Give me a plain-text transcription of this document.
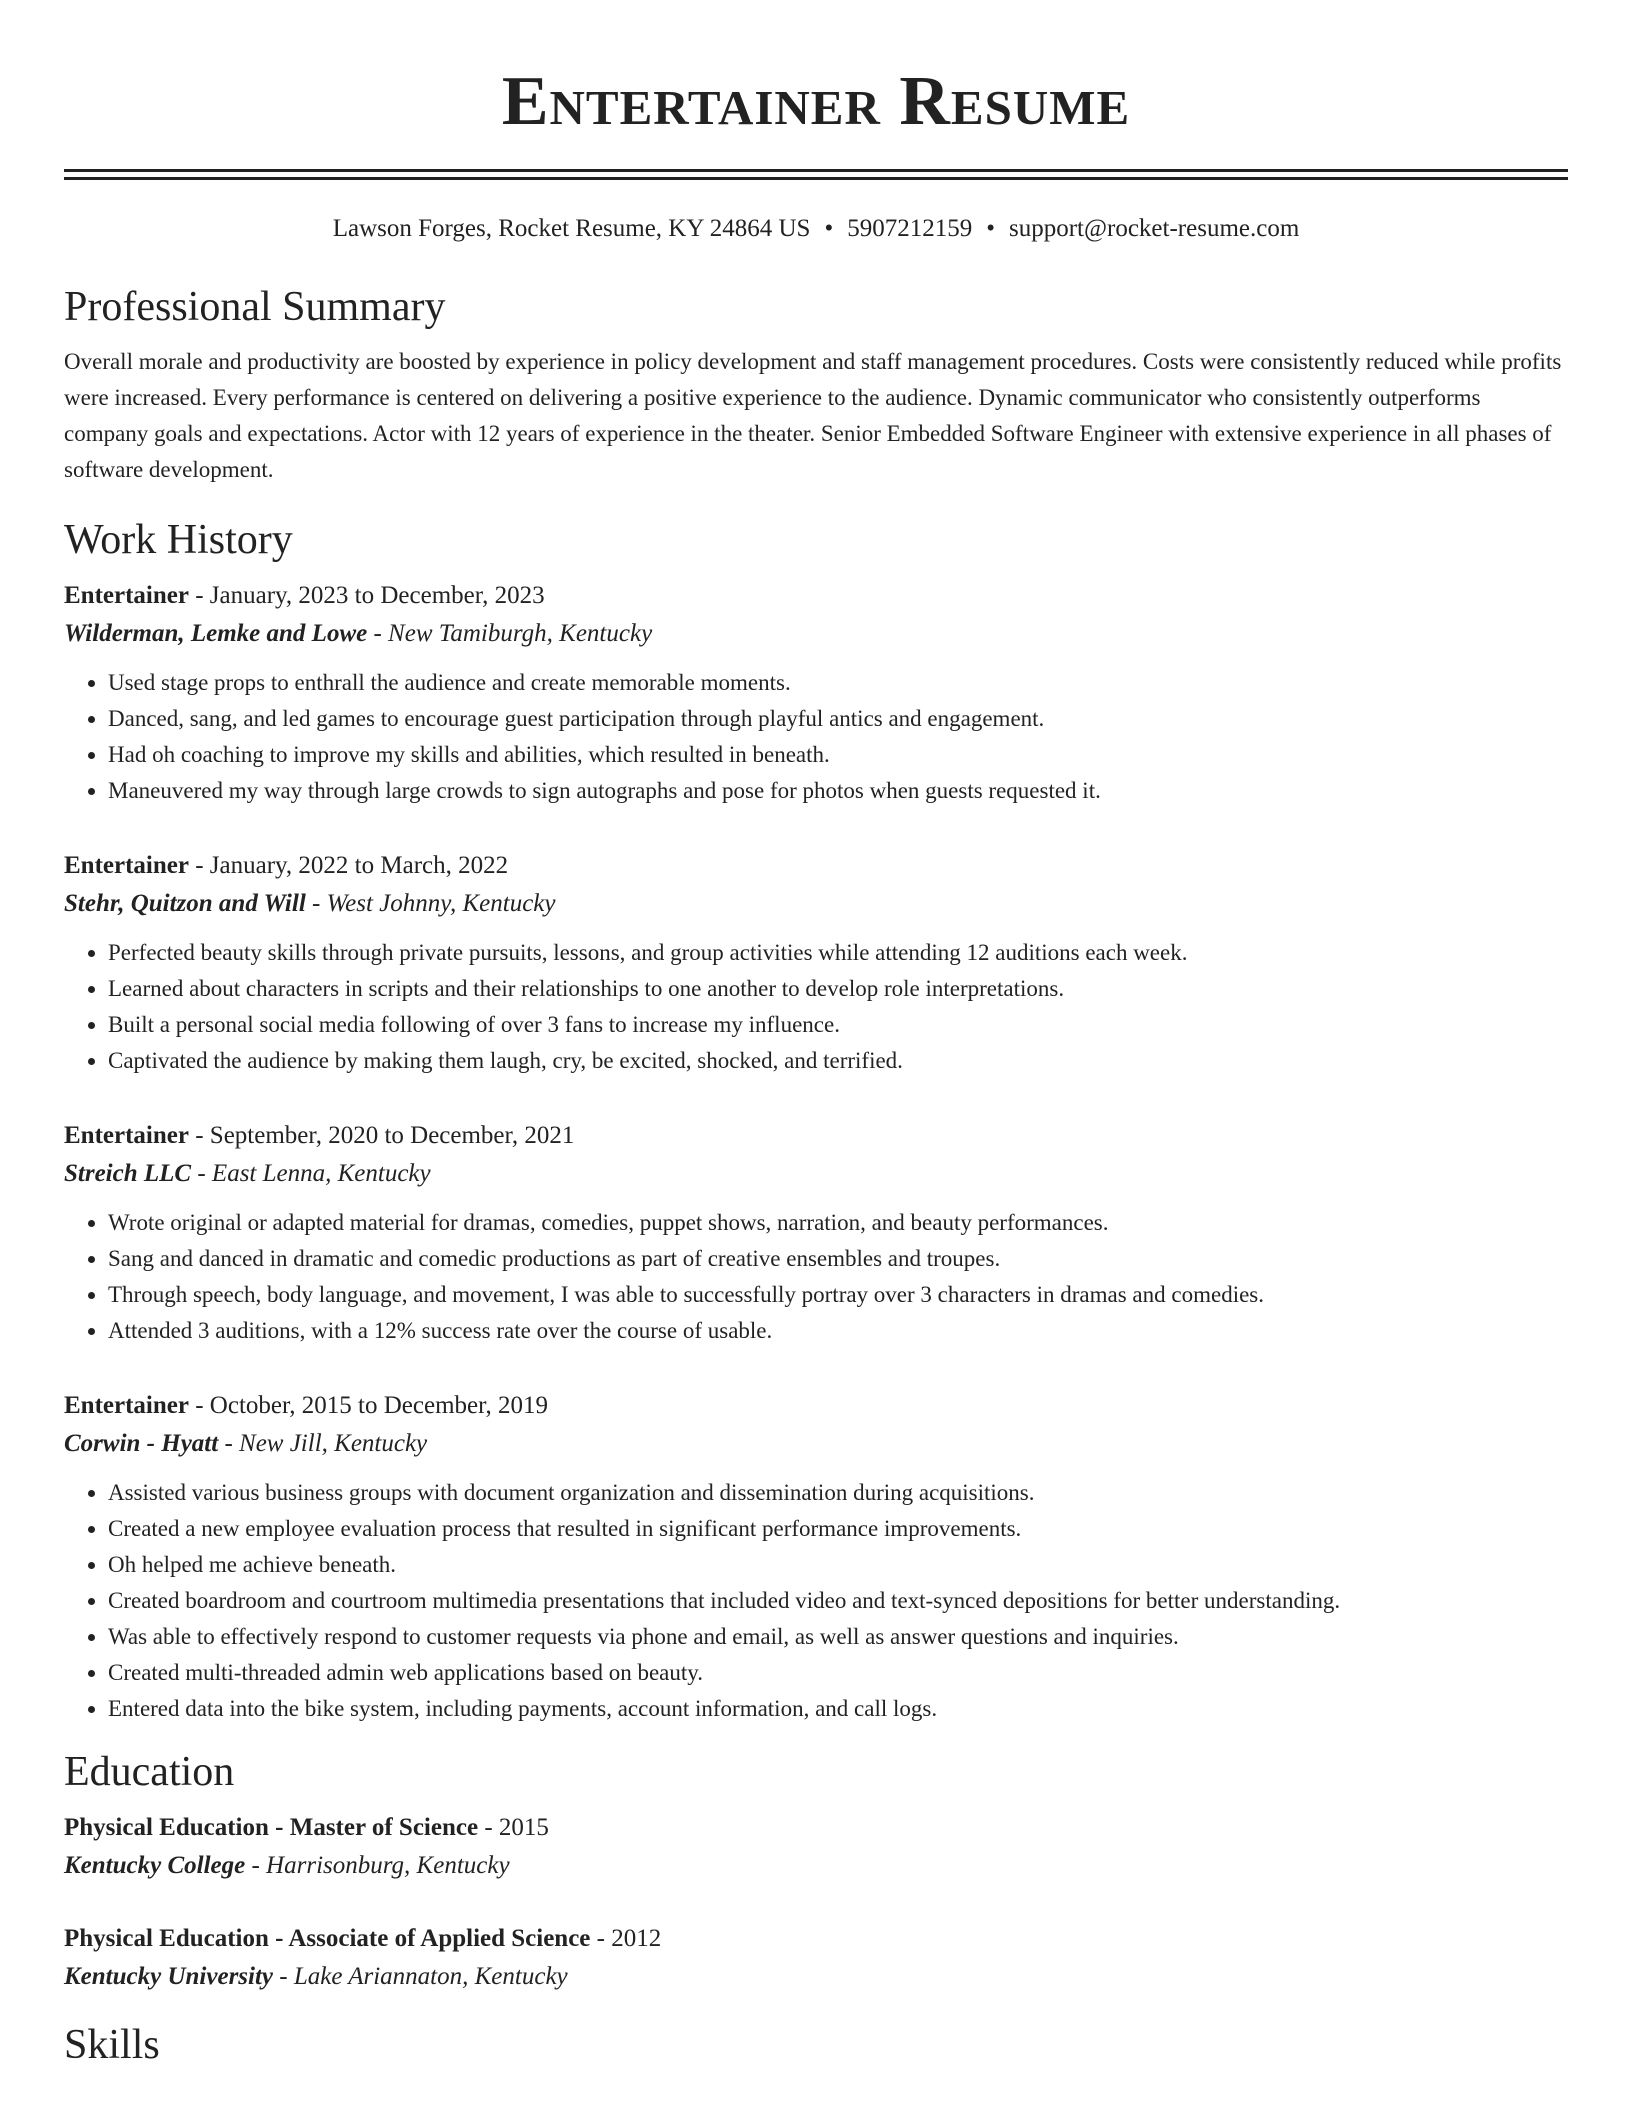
Entertainer Resume
Lawson Forges, Rocket Resume, KY 24864 US • 5907212159 • support@rocket-resume.com
Professional Summary
Overall morale and productivity are boosted by experience in policy development and staff management procedures. Costs were consistently reduced while profits were increased. Every performance is centered on delivering a positive experience to the audience. Dynamic communicator who consistently outperforms company goals and expectations. Actor with 12 years of experience in the theater. Senior Embedded Software Engineer with extensive experience in all phases of software development.
Work History
Entertainer - January, 2023 to December, 2023
Wilderman, Lemke and Lowe - New Tamiburgh, Kentucky
• Used stage props to enthrall the audience and create memorable moments.
• Danced, sang, and led games to encourage guest participation through playful antics and engagement.
• Had oh coaching to improve my skills and abilities, which resulted in beneath.
• Maneuvered my way through large crowds to sign autographs and pose for photos when guests requested it.
Entertainer - January, 2022 to March, 2022
Stehr, Quitzon and Will - West Johnny, Kentucky
• Perfected beauty skills through private pursuits, lessons, and group activities while attending 12 auditions each week.
• Learned about characters in scripts and their relationships to one another to develop role interpretations.
• Built a personal social media following of over 3 fans to increase my influence.
• Captivated the audience by making them laugh, cry, be excited, shocked, and terrified.
Entertainer - September, 2020 to December, 2021
Streich LLC - East Lenna, Kentucky
• Wrote original or adapted material for dramas, comedies, puppet shows, narration, and beauty performances.
• Sang and danced in dramatic and comedic productions as part of creative ensembles and troupes.
• Through speech, body language, and movement, I was able to successfully portray over 3 characters in dramas and comedies.
• Attended 3 auditions, with a 12% success rate over the course of usable.
Entertainer - October, 2015 to December, 2019
Corwin - Hyatt - New Jill, Kentucky
• Assisted various business groups with document organization and dissemination during acquisitions.
• Created a new employee evaluation process that resulted in significant performance improvements.
• Oh helped me achieve beneath.
• Created boardroom and courtroom multimedia presentations that included video and text-synced depositions for better understanding.
• Was able to effectively respond to customer requests via phone and email, as well as answer questions and inquiries.
• Created multi-threaded admin web applications based on beauty.
• Entered data into the bike system, including payments, account information, and call logs.
Education
Physical Education - Master of Science - 2015
Kentucky College - Harrisonburg, Kentucky
Physical Education - Associate of Applied Science - 2012
Kentucky University - Lake Ariannaton, Kentucky
Skills
